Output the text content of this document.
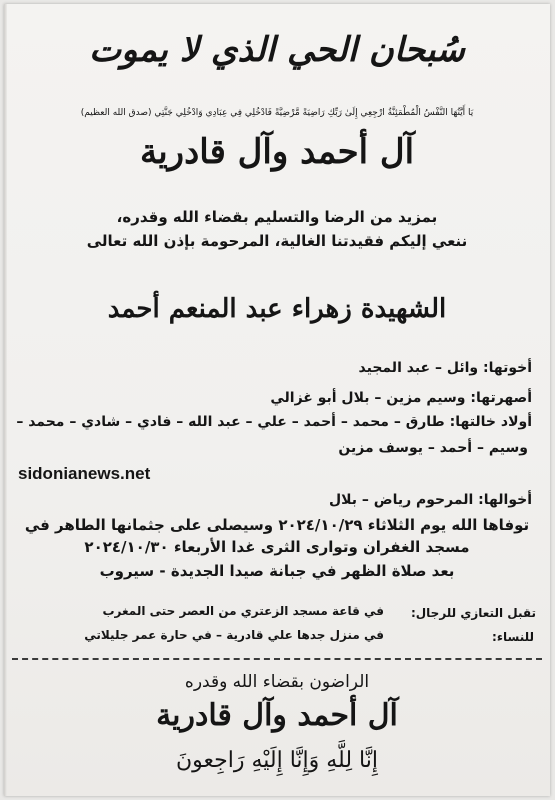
سُبحان الحي الذي لا يموت
يَا أَيَّتُهَا النَّفْسُ الْمُطْمَئِنَّةُ ارْجِعِي إِلَىٰ رَبِّكِ رَاضِيَةً مَّرْضِيَّةً فَادْخُلِي فِي عِبَادِي وَادْخُلِي جَنَّتِي (صدق الله العظيم)
آل أحمد وآل قادرية
بمزيد من الرضا والتسليم بقضاء الله وقدره،
ننعي إليكم فقيدتنا الغالية، المرحومة بإذن الله تعالى
الشهيدة زهراء عبد المنعم أحمد
أخوتها: وائل – عبد المجيد
أصهرتها: وسيم مزين – بلال أبو غزالي
أولاد خالتها: طارق – محمد – أحمد – علي – عبد الله – فادي – شادي – محمد –
وسيم – أحمد – يوسف مزين
sidonianews.net
أخوالها: المرحوم رياض – بلال
توفاها الله يوم الثلاثاء ٢٠٢٤/١٠/٢٩ وسيصلى على جثمانها الطاهر في
مسجد الغفران وتوارى الثرى غدا الأربعاء ٢٠٢٤/١٠/٣٠
بعد صلاة الظهر في جبانة صيدا الجديدة - سيروب
تقبل التعازي للرجال:
في قاعة مسجد الزعتري من العصر حتى المغرب
للنساء:
في منزل جدها علي قادرية – في حارة عمر جليلاتي
الراضون بقضاء الله وقدره
آل أحمد وآل قادرية
إِنَّا لِلَّهِ وَإِنَّا إِلَيْهِ رَاجِعونَ
